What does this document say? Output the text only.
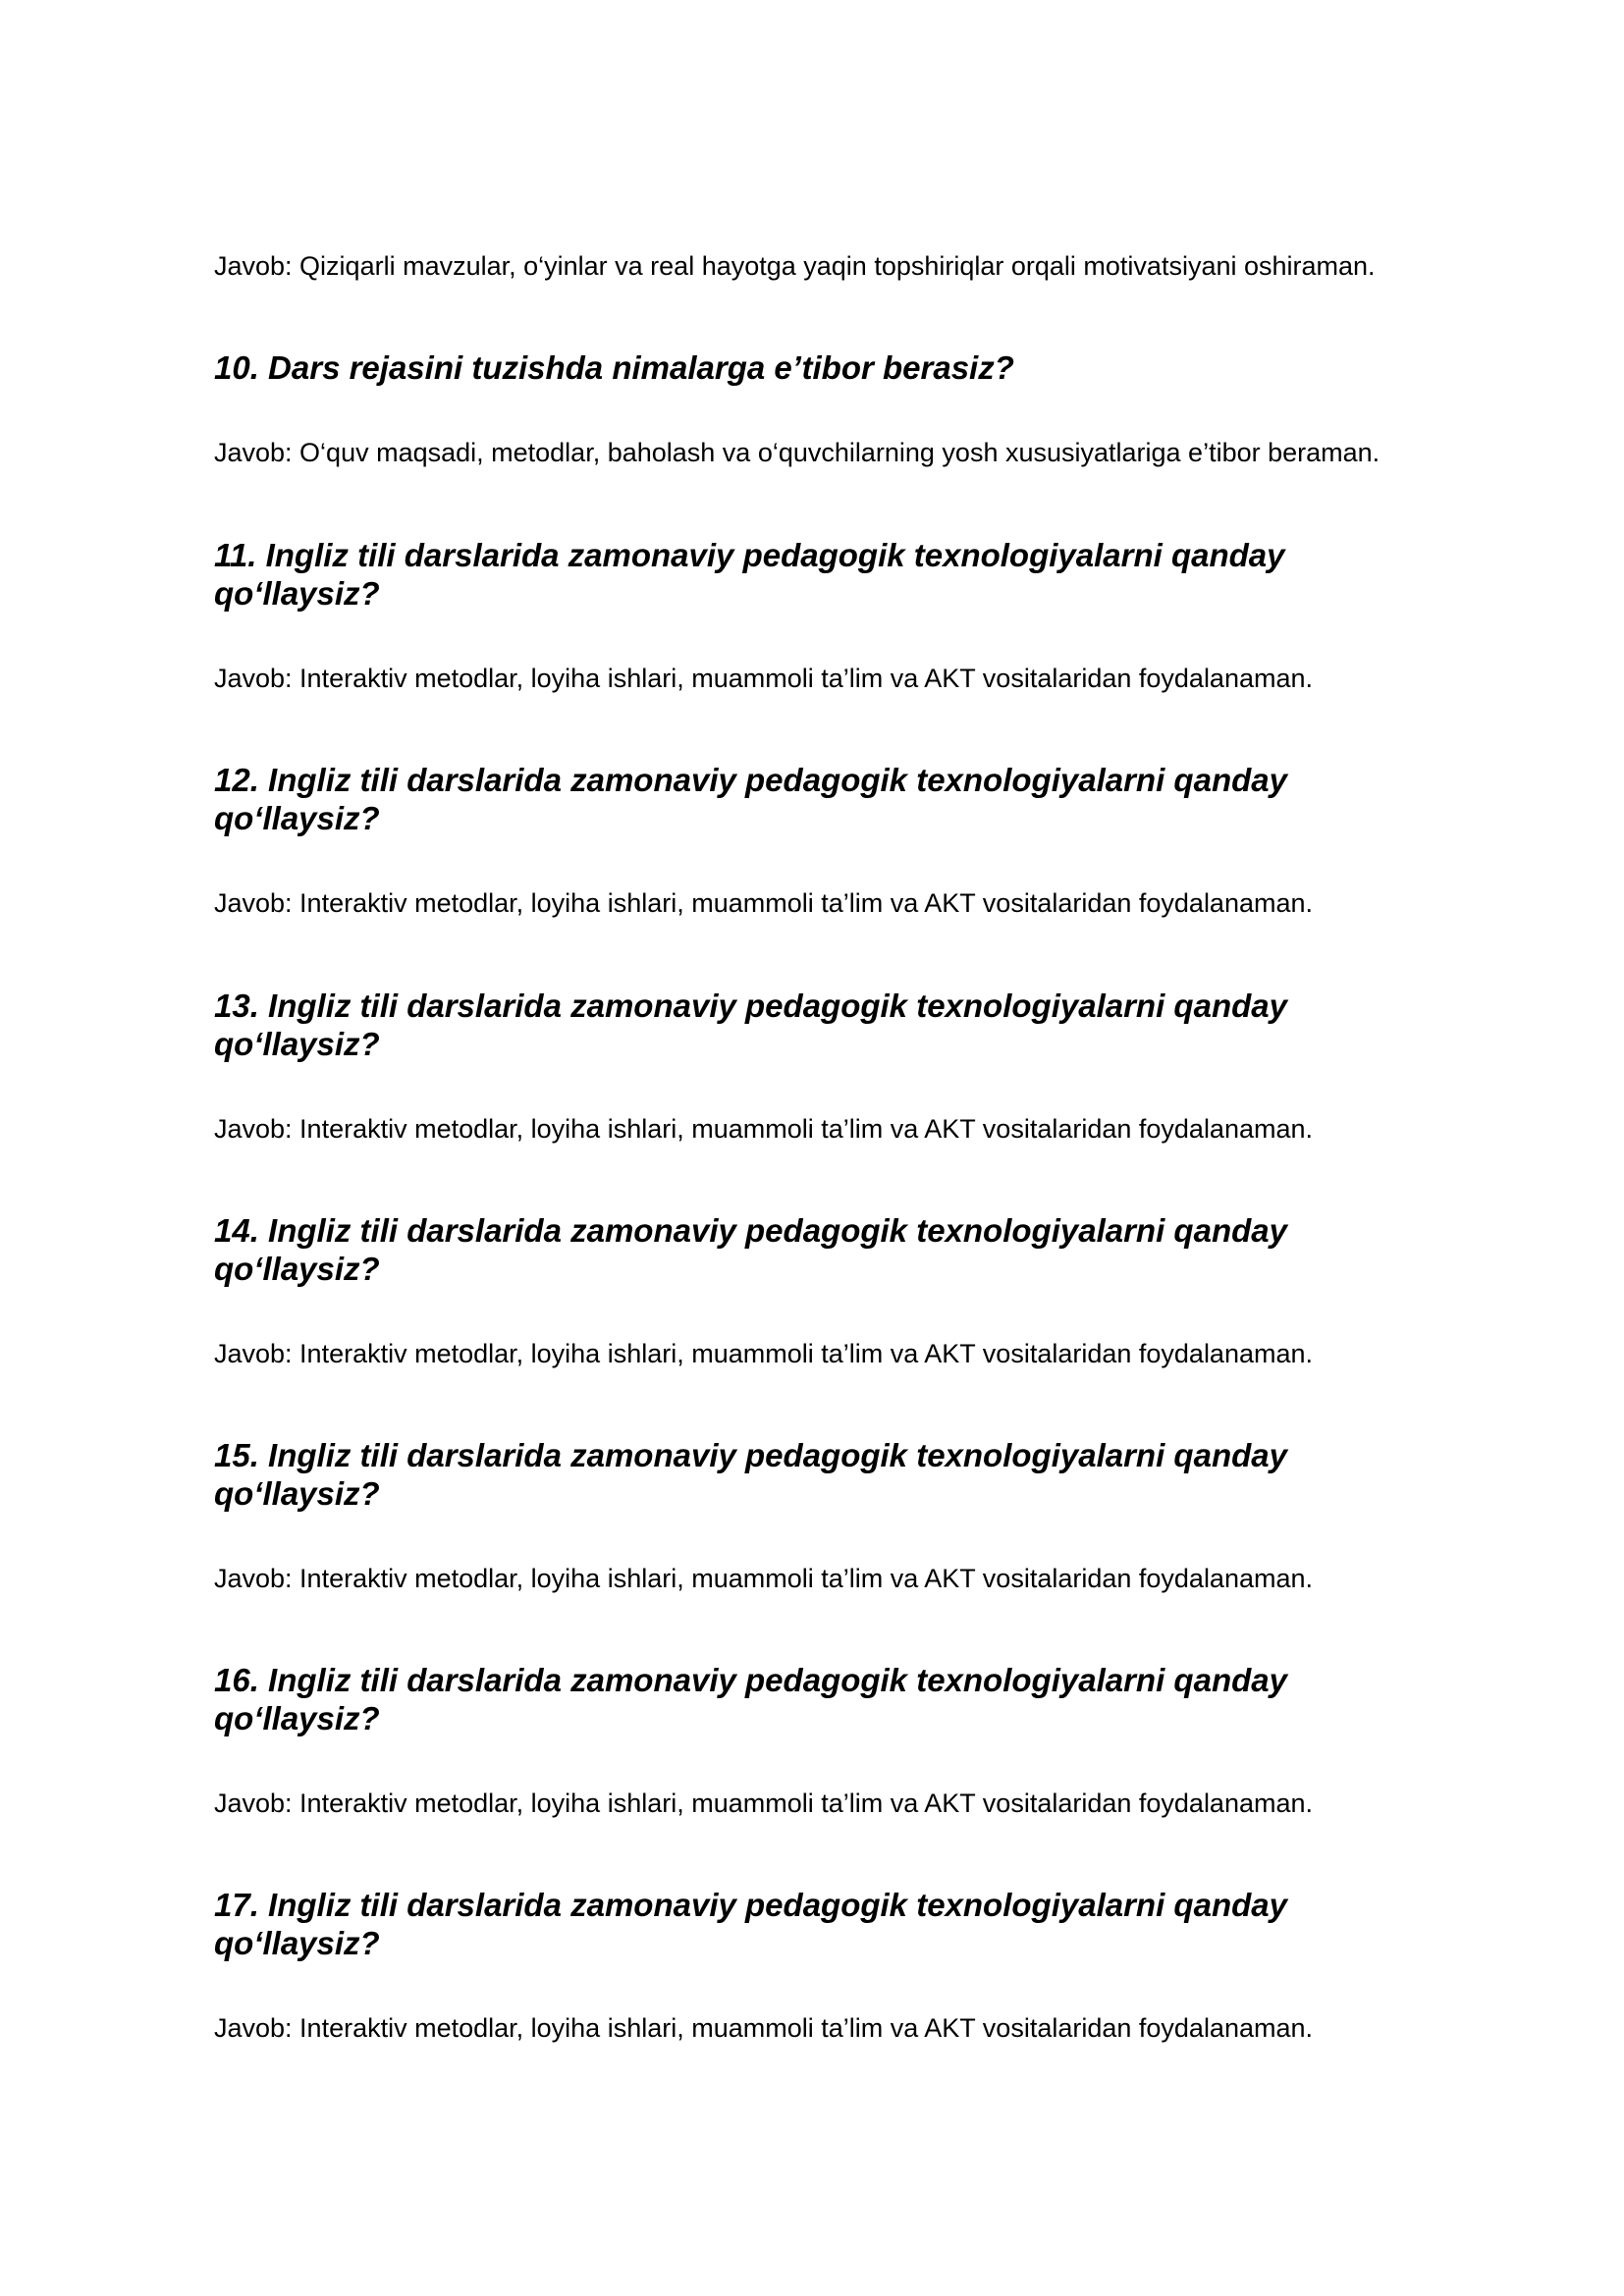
Javob: Qiziqarli mavzular, o‘yinlar va real hayotga yaqin topshiriqlar orqali motivatsiyani oshiraman.

10. Dars rejasini tuzishda nimalarga e’tibor berasiz?

Javob: O‘quv maqsadi, metodlar, baholash va o‘quvchilarning yosh xususiyatlariga e’tibor beraman.

11. Ingliz tili darslarida zamonaviy pedagogik texnologiyalarni qanday
qo‘llaysiz?

Javob: Interaktiv metodlar, loyiha ishlari, muammoli ta’lim va AKT vositalaridan foydalanaman.

12. Ingliz tili darslarida zamonaviy pedagogik texnologiyalarni qanday
qo‘llaysiz?

Javob: Interaktiv metodlar, loyiha ishlari, muammoli ta’lim va AKT vositalaridan foydalanaman.

13. Ingliz tili darslarida zamonaviy pedagogik texnologiyalarni qanday
qo‘llaysiz?

Javob: Interaktiv metodlar, loyiha ishlari, muammoli ta’lim va AKT vositalaridan foydalanaman.

14. Ingliz tili darslarida zamonaviy pedagogik texnologiyalarni qanday
qo‘llaysiz?

Javob: Interaktiv metodlar, loyiha ishlari, muammoli ta’lim va AKT vositalaridan foydalanaman.

15. Ingliz tili darslarida zamonaviy pedagogik texnologiyalarni qanday
qo‘llaysiz?

Javob: Interaktiv metodlar, loyiha ishlari, muammoli ta’lim va AKT vositalaridan foydalanaman.

16. Ingliz tili darslarida zamonaviy pedagogik texnologiyalarni qanday
qo‘llaysiz?

Javob: Interaktiv metodlar, loyiha ishlari, muammoli ta’lim va AKT vositalaridan foydalanaman.

17. Ingliz tili darslarida zamonaviy pedagogik texnologiyalarni qanday
qo‘llaysiz?

Javob: Interaktiv metodlar, loyiha ishlari, muammoli ta’lim va AKT vositalaridan foydalanaman.
